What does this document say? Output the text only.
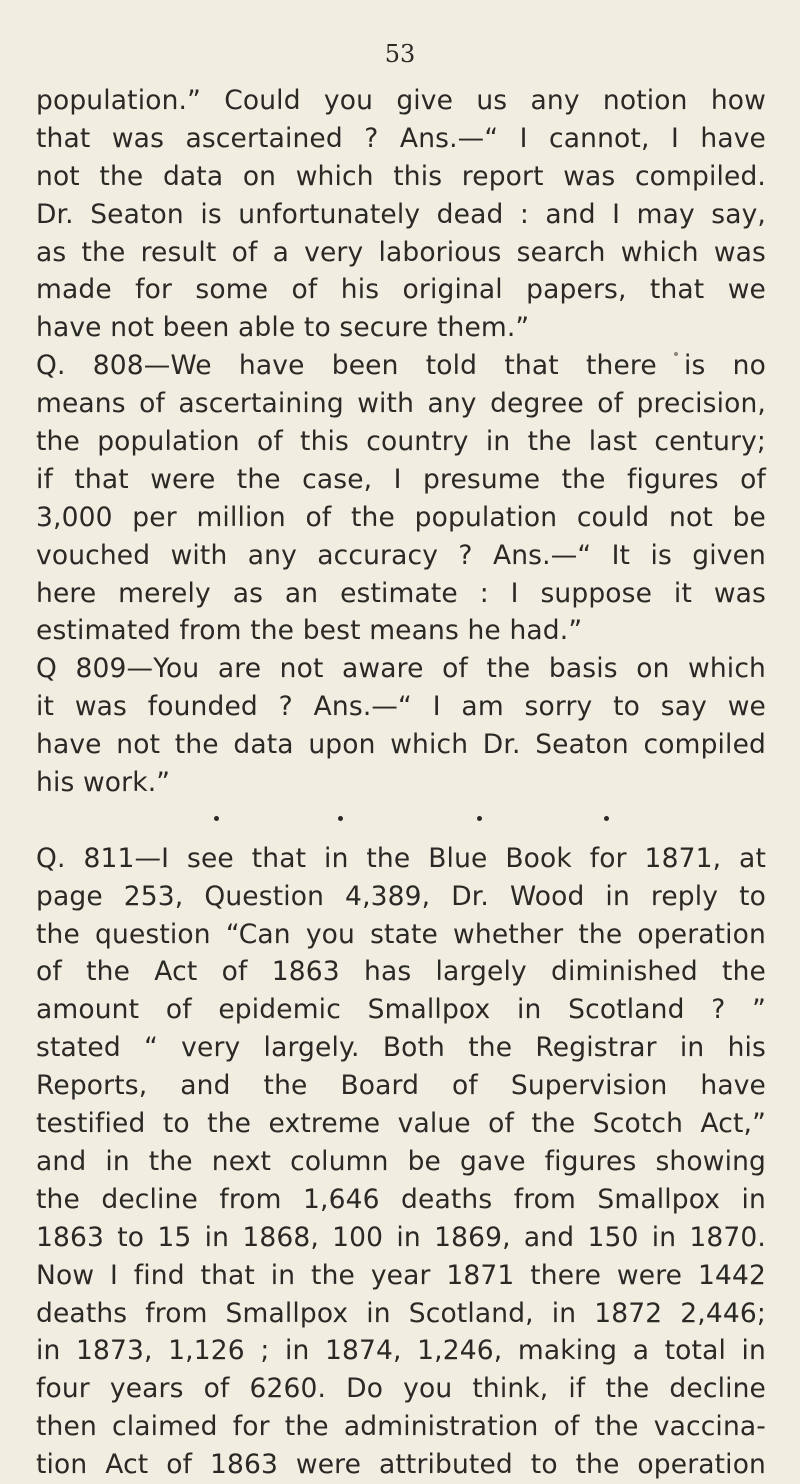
53
population.” Could you give us any notion how
that was ascertained ? Ans.—“ I cannot, I have
not the data on which this report was compiled.
Dr. Seaton is unfortunately dead : and I may say,
as the result of a very laborious search which was
made for some of his original papers, that we
have not been able to secure them.”
Q. 808—We have been told that there is no
means of ascertaining with any degree of precision,
the population of this country in the last century;
if that were the case, I presume the figures of
3,000 per million of the population could not be
vouched with any accuracy ? Ans.—“ It is given
here merely as an estimate : I suppose it was
estimated from the best means he had.”
Q 809—You are not aware of the basis on which
it was founded ? Ans.—“ I am sorry to say we
have not the data upon which Dr. Seaton compiled
his work.”
Q. 811—I see that in the Blue Book for 1871, at
page 253, Question 4,389, Dr. Wood in reply to
the question “Can you state whether the operation
of the Act of 1863 has largely diminished the
amount of epidemic Smallpox in Scotland ? ”
stated “ very largely. Both the Registrar in his
Reports, and the Board of Supervision have
testified to the extreme value of the Scotch Act,”
and in the next column be gave figures showing
the decline from 1,646 deaths from Smallpox in
1863 to 15 in 1868, 100 in 1869, and 150 in 1870.
Now I find that in the year 1871 there were 1442
deaths from Smallpox in Scotland, in 1872 2,446;
in 1873, 1,126 ; in 1874, 1,246, making a total in
four years of 6260. Do you think, if the decline
then claimed for the administration of the vaccina-
tion Act of 1863 were attributed to the operation
